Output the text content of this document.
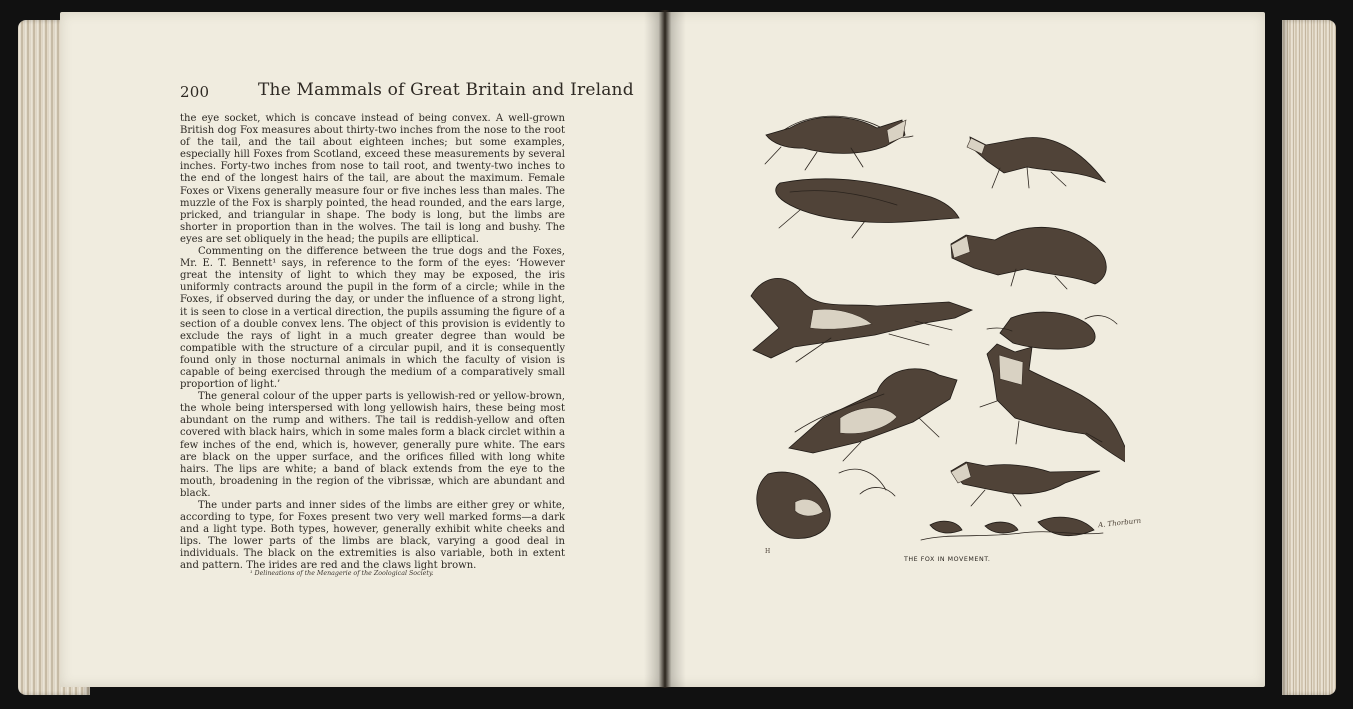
200	The Mammals of Great Britain and Ireland

the eye socket, which is concave instead of being convex. A well-grown British dog Fox measures about thirty-two inches from the nose to the root of the tail, and the tail about eighteen inches; but some examples, especially hill Foxes from Scotland, exceed these measurements by several inches. Forty-two inches from nose to tail root, and twenty-two inches to the end of the longest hairs of the tail, are about the maximum. Female Foxes or Vixens generally measure four or five inches less than males. The muzzle of the Fox is sharply pointed, the head rounded, and the ears large, pricked, and triangular in shape. The body is long, but the limbs are shorter in proportion than in the wolves. The tail is long and bushy. The eyes are set obliquely in the head; the pupils are elliptical.

Commenting on the difference between the true dogs and the Foxes, Mr. E. T. Bennett¹ says, in reference to the form of the eyes: ‘However great the intensity of light to which they may be exposed, the iris uniformly contracts around the pupil in the form of a circle; while in the Foxes, if observed during the day, or under the influence of a strong light, it is seen to close in a vertical direction, the pupils assuming the figure of a section of a double convex lens. The object of this provision is evidently to exclude the rays of light in a much greater degree than would be compatible with the structure of a circular pupil, and it is consequently found only in those nocturnal animals in which the faculty of vision is capable of being exercised through the medium of a comparatively small proportion of light.’

The general colour of the upper parts is yellowish-red or yellow-brown, the whole being interspersed with long yellowish hairs, these being most abundant on the rump and withers. The tail is reddish-yellow and often covered with black hairs, which in some males form a black circlet within a few inches of the end, which is, however, generally pure white. The ears are black on the upper surface, and the orifices filled with long white hairs. The lips are white; a band of black extends from the eye to the mouth, broadening in the region of the vibrissæ, which are abundant and black.

The under parts and inner sides of the limbs are either grey or white, according to type, for Foxes present two very well marked forms—a dark and a light type. Both types, however, generally exhibit white cheeks and lips. The lower parts of the limbs are black, varying a good deal in individuals. The black on the extremities is also variable, both in extent and pattern. The irides are red and the claws light brown.

¹ Delineations of the Menagerie of the Zoological Society.
H
A. Thorburn
THE FOX IN MOVEMENT.
